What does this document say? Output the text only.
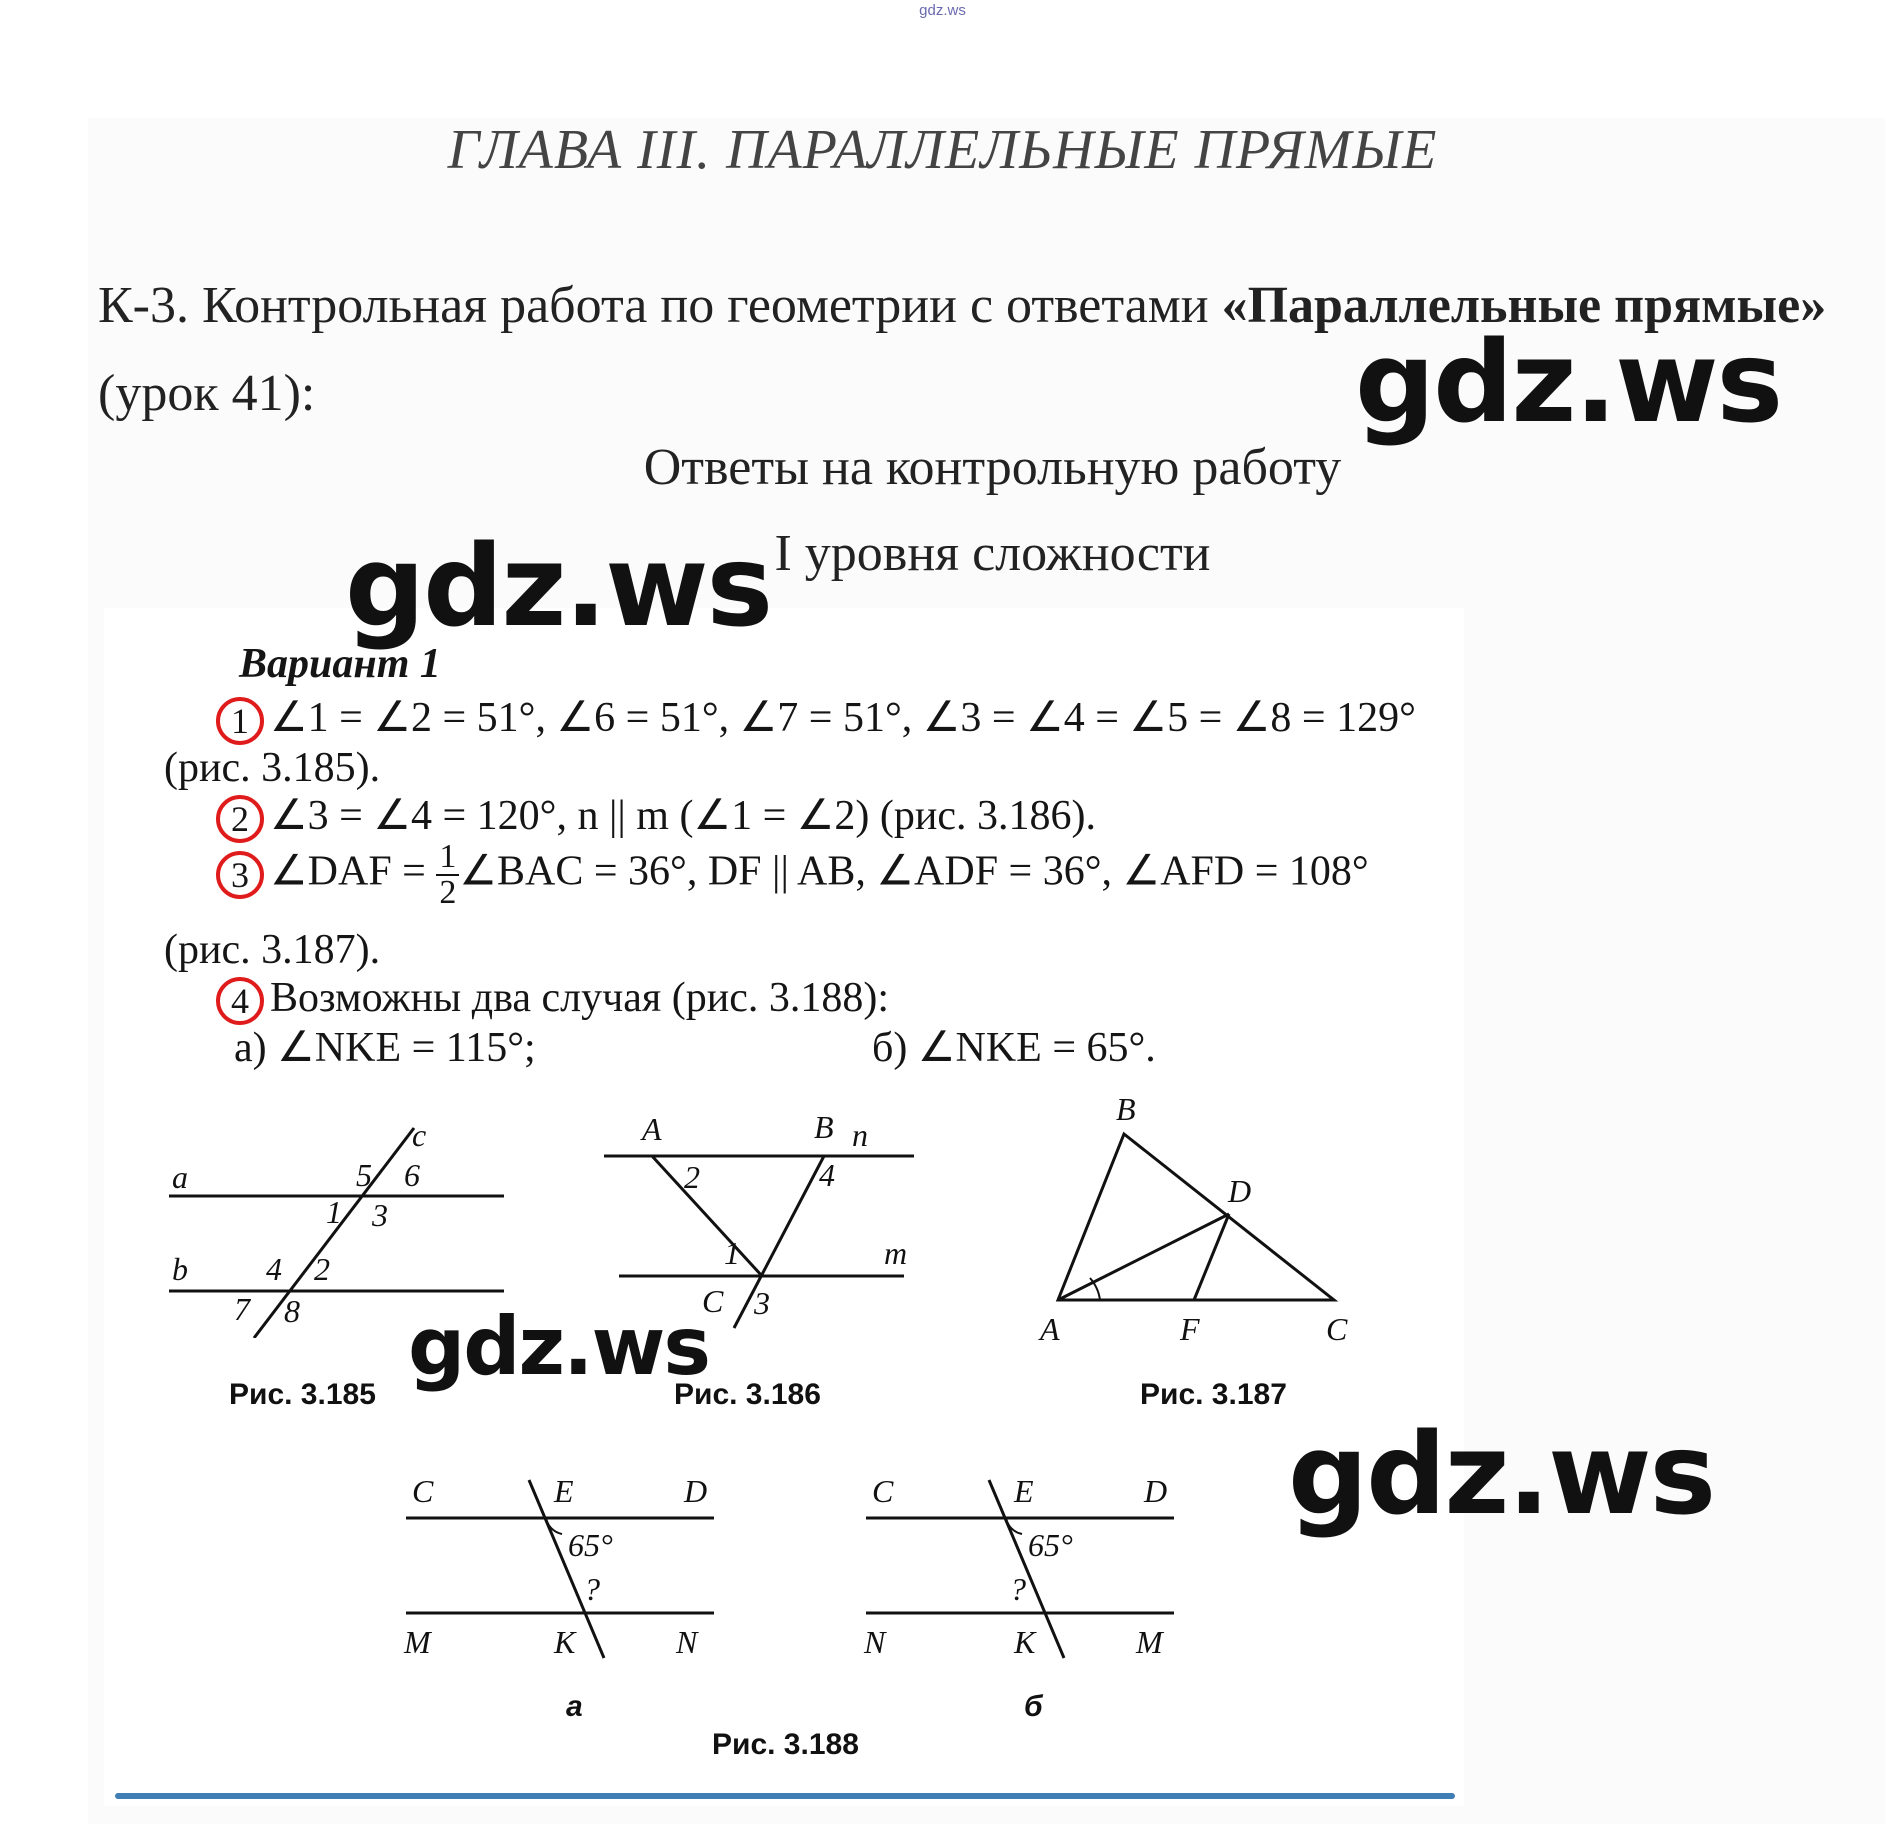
gdz.ws
ГЛАВА III. ПАРАЛЛЕЛЬНЫЕ ПРЯМЫЕ
К-3. Контрольная работа по геометрии с ответами «Параллельные прямые» (урок 41):
Ответы на контрольную работу
I уровня сложности
Вариант 1
1 ∠1 = ∠2 = 51°, ∠6 = 51°, ∠7 = 51°, ∠3 = ∠4 = ∠5 = ∠8 = 129°
(рис. 3.185).
2 ∠3 = ∠4 = 120°, n || m (∠1 = ∠2) (рис. 3.186).
3 ∠DAF = $\frac{1}{2}$ ∠BAC = 36°, DF || AB, ∠ADF = 36°, ∠AFD = 108°
(рис. 3.187).
4 Возможны два случая (рис. 3.188):
а) ∠NKE = 115°;	б) ∠NKE = 65°.
a
b
c
5 6
1 3
4 2
7 8
Рис. 3.185
A	B n
m
2	4
1
C 3
Рис. 3.186
B
D
A	F	C
Рис. 3.187
C	E	D
65°
?
M	K	N
а
C	E	D
65°
?
N	K	M
б
Рис. 3.188
gdz.ws
gdz.ws
gdz.ws
gdz.ws
